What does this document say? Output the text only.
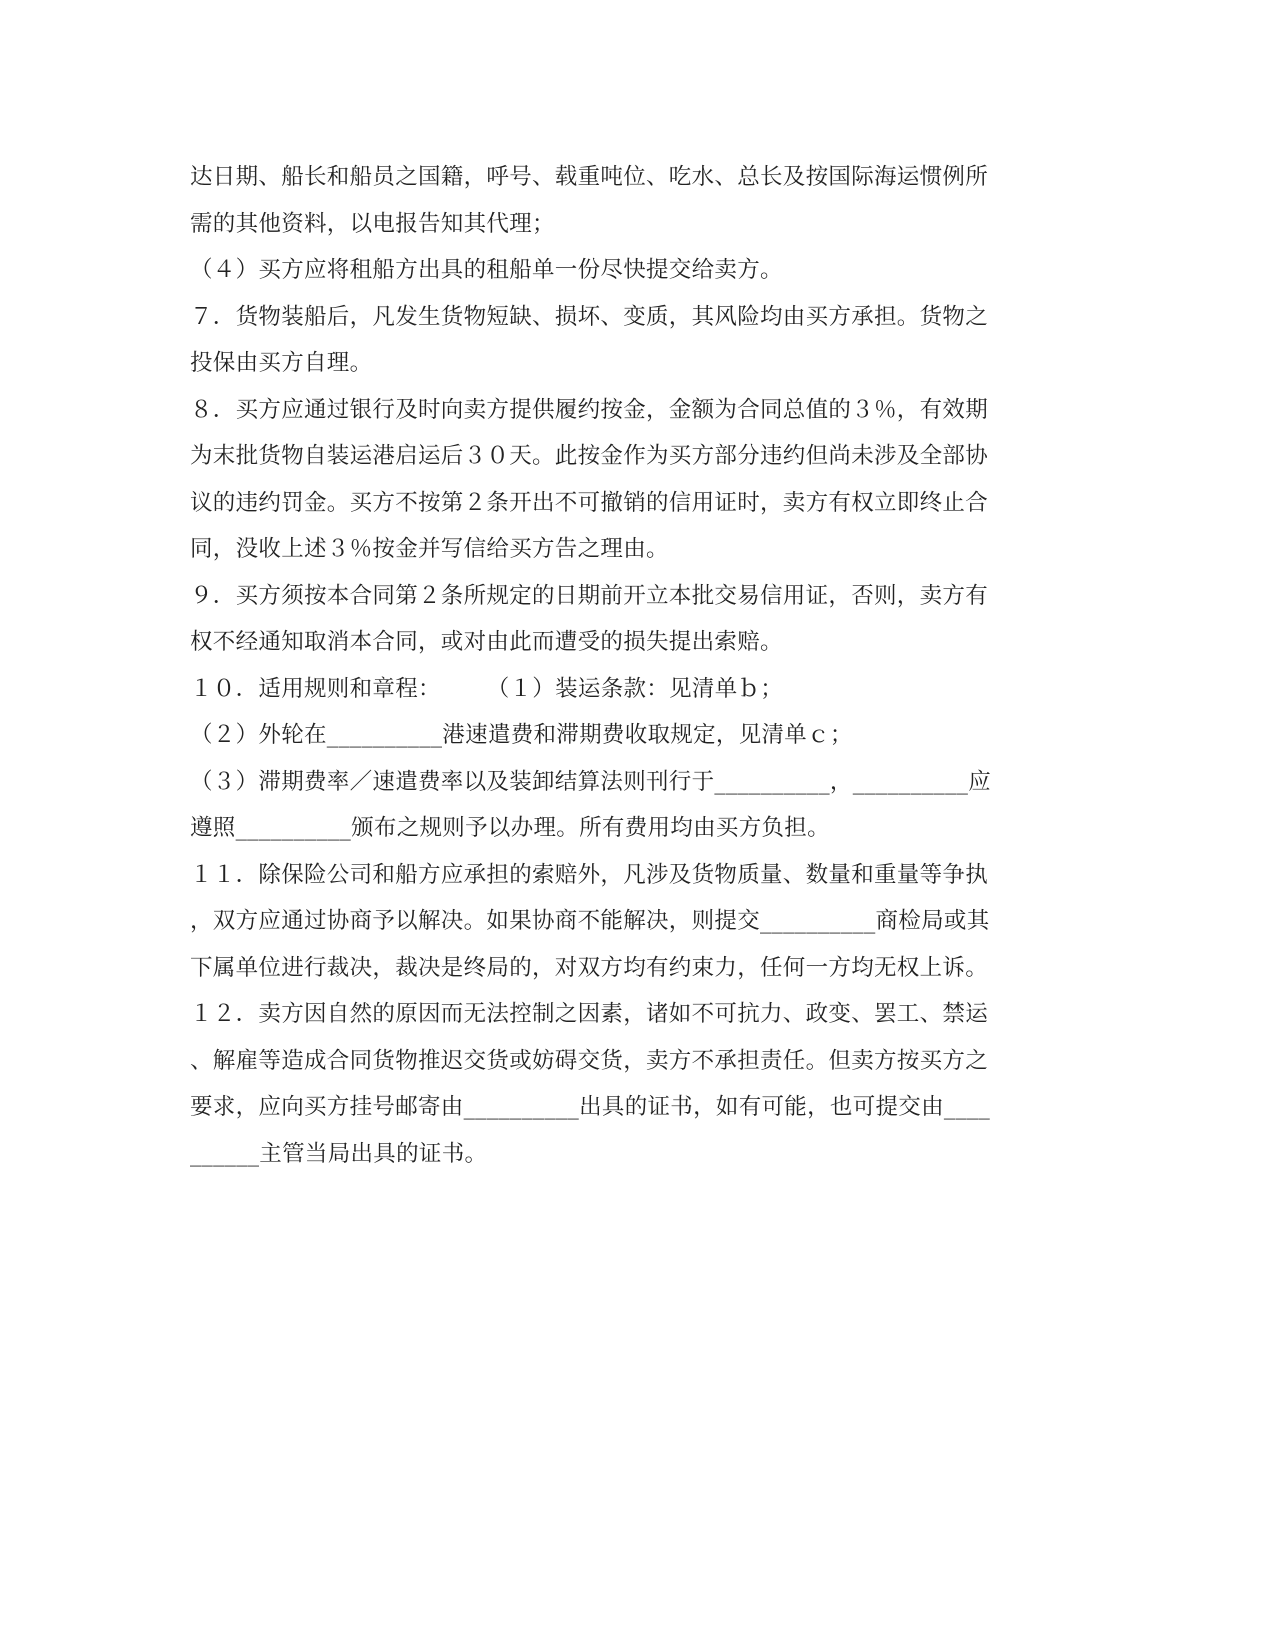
达日期、船长和船员之国籍，呼号、载重吨位、吃水、总长及按国际海运惯例所
需的其他资料，以电报告知其代理；
（４）买方应将租船方出具的租船单一份尽快提交给卖方。
７．货物装船后，凡发生货物短缺、损坏、变质，其风险均由买方承担。货物之
投保由买方自理。
８．买方应通过银行及时向卖方提供履约按金，金额为合同总值的３％，有效期
为末批货物自装运港启运后３０天。此按金作为买方部分违约但尚未涉及全部协
议的违约罚金。买方不按第２条开出不可撤销的信用证时，卖方有权立即终止合
同，没收上述３％按金并写信给买方告之理由。
９．买方须按本合同第２条所规定的日期前开立本批交易信用证，否则，卖方有
权不经通知取消本合同，或对由此而遭受的损失提出索赔。
１０．适用规则和章程：　　　（１）装运条款：见清单ｂ；
（２）外轮在__________港速遣费和滞期费收取规定，见清单ｃ；
（３）滞期费率／速遣费率以及装卸结算法则刊行于__________，__________应
遵照__________颁布之规则予以办理。所有费用均由买方负担。
１１．除保险公司和船方应承担的索赔外，凡涉及货物质量、数量和重量等争执
，双方应通过协商予以解决。如果协商不能解决，则提交__________商检局或其
下属单位进行裁决，裁决是终局的，对双方均有约束力，任何一方均无权上诉。
１２．卖方因自然的原因而无法控制之因素，诸如不可抗力、政变、罢工、禁运
、解雇等造成合同货物推迟交货或妨碍交货，卖方不承担责任。但卖方按买方之
要求，应向买方挂号邮寄由__________出具的证书，如有可能，也可提交由____
______主管当局出具的证书。
